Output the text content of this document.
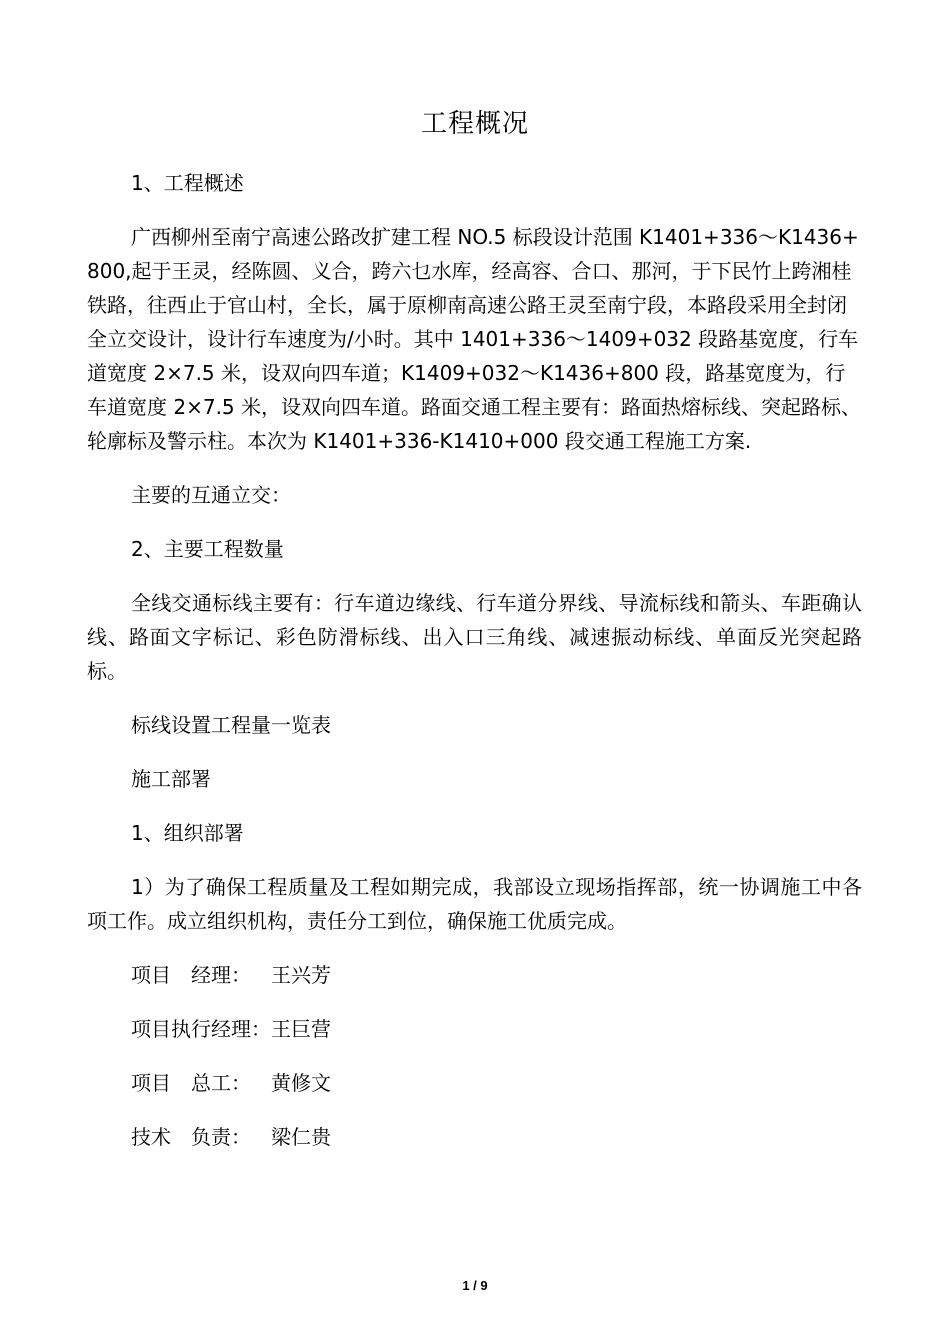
工程概况

1、工程概述

广西柳州至南宁高速公路改扩建工程 NO.5 标段设计范围 K1401+336～K1436+800,起于王灵，经陈圆、义合，跨六乜水库，经高容、合口、那河，于下民竹上跨湘桂铁路，往西止于官山村，全长，属于原柳南高速公路王灵至南宁段，本路段采用全封闭全立交设计，设计行车速度为/小时。其中 1401+336～1409+032 段路基宽度，行车道宽度 2×7.5 米，设双向四车道；K1409+032～K1436+800 段，路基宽度为，行车道宽度 2×7.5 米，设双向四车道。路面交通工程主要有：路面热熔标线、突起路标、轮廓标及警示柱。本次为 K1401+336-K1410+000 段交通工程施工方案.

主要的互通立交：

2、主要工程数量

全线交通标线主要有：行车道边缘线、行车道分界线、导流标线和箭头、车距确认线、路面文字标记、彩色防滑标线、出入口三角线、减速振动标线、单面反光突起路标。

标线设置工程量一览表

施工部署

1、组织部署

1）为了确保工程质量及工程如期完成，我部设立现场指挥部，统一协调施工中各项工作。成立组织机构，责任分工到位，确保施工优质完成。

项目　经理：　王兴芳
项目执行经理：王巨营
项目　总工：　黄修文
技术　负责：　梁仁贵
1 / 9
